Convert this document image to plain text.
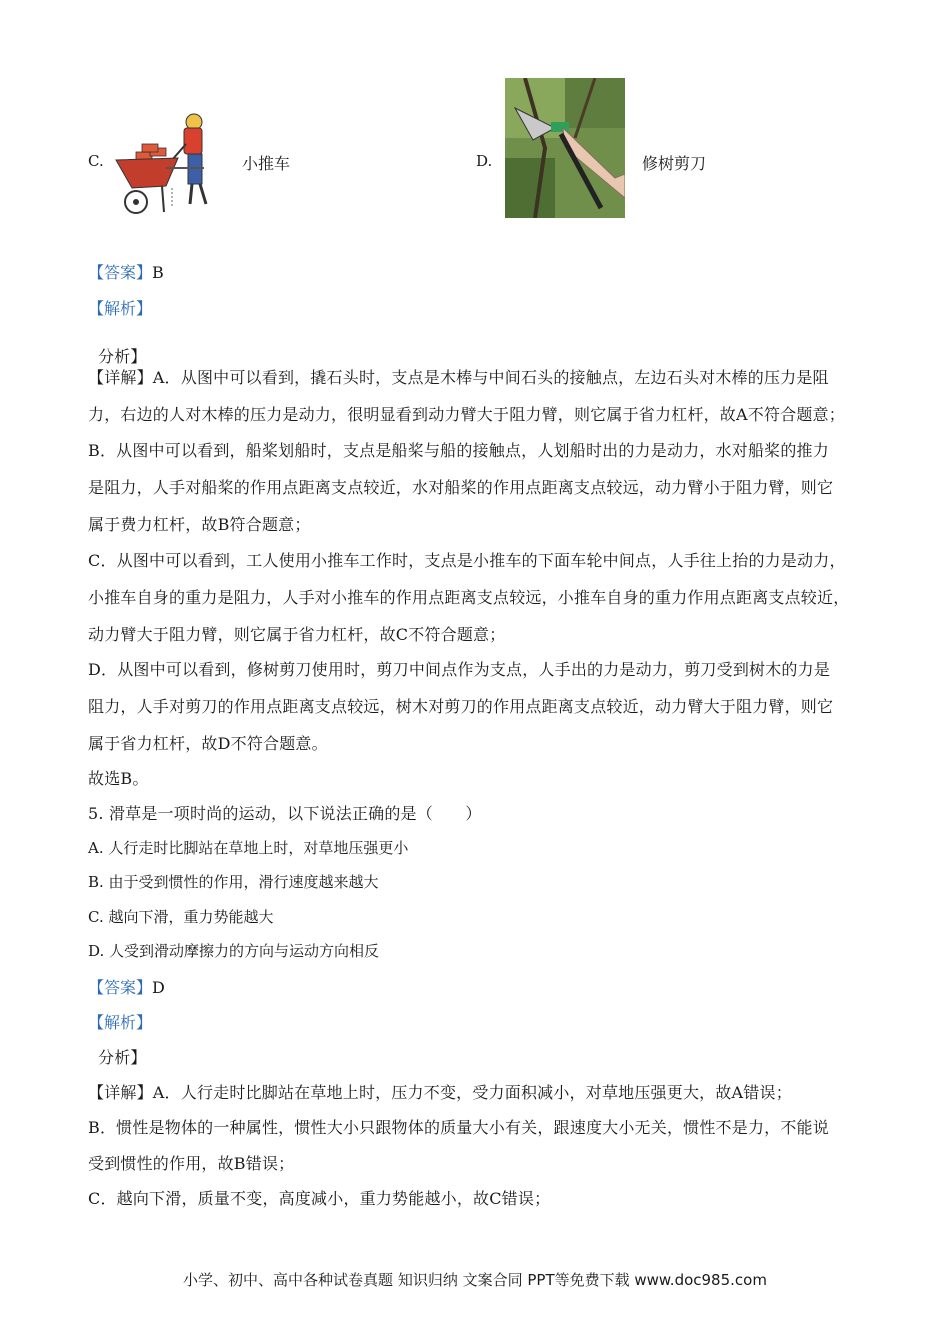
C.	小推车	D.	修树剪刀
【答案】B
【解析】
分析】
【详解】A．从图中可以看到，撬石头时，支点是木棒与中间石头的接触点，左边石头对木棒的压力是阻
力，右边的人对木棒的压力是动力，很明显看到动力臂大于阻力臂，则它属于省力杠杆，故A不符合题意；
B．从图中可以看到，船桨划船时，支点是船桨与船的接触点，人划船时出的力是动力，水对船桨的推力
是阻力，人手对船桨的作用点距离支点较近，水对船桨的作用点距离支点较远，动力臂小于阻力臂，则它
属于费力杠杆，故B符合题意；
C．从图中可以看到，工人使用小推车工作时，支点是小推车的下面车轮中间点，人手往上抬的力是动力，
小推车自身的重力是阻力，人手对小推车的作用点距离支点较远，小推车自身的重力作用点距离支点较近，
动力臂大于阻力臂，则它属于省力杠杆，故C不符合题意；
D．从图中可以看到，修树剪刀使用时，剪刀中间点作为支点，人手出的力是动力，剪刀受到树木的力是
阻力，人手对剪刀的作用点距离支点较远，树木对剪刀的作用点距离支点较近，动力臂大于阻力臂，则它
属于省力杠杆，故D不符合题意。
故选B。
5. 滑草是一项时尚的运动，以下说法正确的是（　　）
A. 人行走时比脚站在草地上时，对草地压强更小
B. 由于受到惯性的作用，滑行速度越来越大
C. 越向下滑，重力势能越大
D. 人受到滑动摩擦力的方向与运动方向相反
【答案】D
【解析】
分析】
【详解】A．人行走时比脚站在草地上时，压力不变，受力面积减小，对草地压强更大，故A错误；
B．惯性是物体的一种属性，惯性大小只跟物体的质量大小有关，跟速度大小无关，惯性不是力，不能说
受到惯性的作用，故B错误；
C．越向下滑，质量不变，高度减小，重力势能越小，故C错误；
小学、初中、高中各种试卷真题 知识归纳 文案合同 PPT等免费下载 www.doc985.com
